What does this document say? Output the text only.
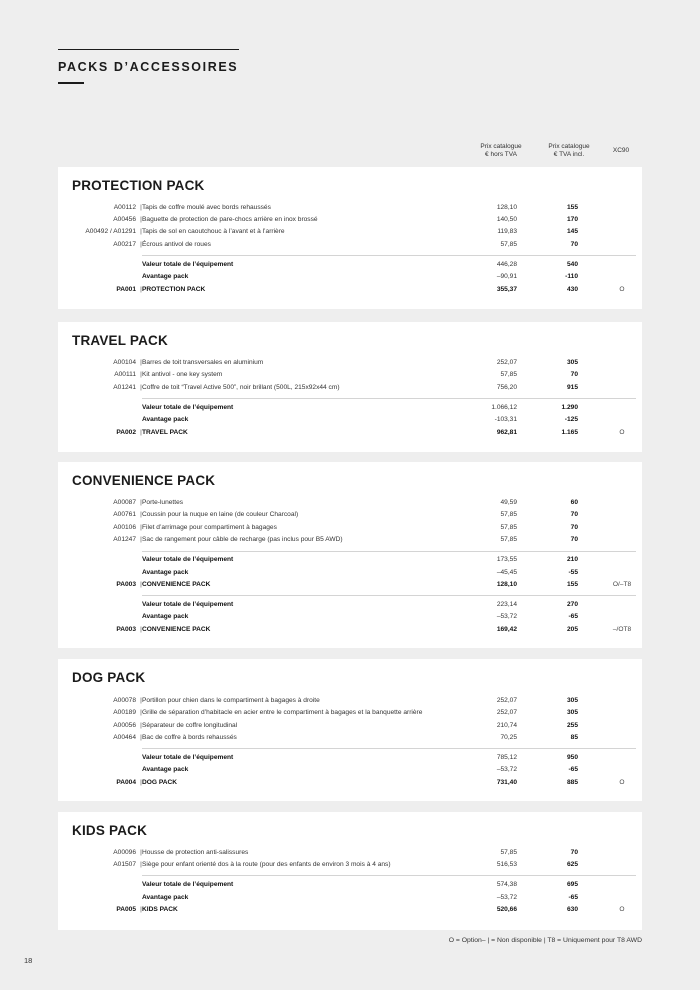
PACKS D’ACCESSOIRES
Prix catalogue
€ hors TVA
Prix catalogue
€ TVA incl.
XC90
PROTECTION PACK
A00112 | Tapis de coffre moulé avec bords rehaussés	128,10	155
A00456 | Baguette de protection de pare-chocs arrière en inox brossé	140,50	170
A00492 / A01291 | Tapis de sol en caoutchouc à l’avant et à l’arrière	119,83	145
A00217 | Écrous antivol de roues	57,85	70
Valeur totale de l’équipement	446,28	540
Avantage pack	–90,91	-110
PA001 | PROTECTION PACK	355,37	430	O
TRAVEL PACK
A00104 | Barres de toit transversales en aluminium	252,07	305
A00111 | Kit antivol - one key system	57,85	70
A01241 | Coffre de toit “Travel Active 500”, noir brillant (500L, 215x92x44 cm)	756,20	915
Valeur totale de l’équipement	1.066,12	1.290
Avantage pack	-103,31	-125
PA002 | TRAVEL PACK	962,81	1.165	O
CONVENIENCE PACK
A00087 | Porte-lunettes	49,59	60
A00761 | Coussin pour la nuque en laine (de couleur Charcoal)	57,85	70
A00106 | Filet d’arrimage pour compartiment à bagages	57,85	70
A01247 | Sac de rangement pour câble de recharge (pas inclus pour B5 AWD)	57,85	70
Valeur totale de l’équipement	173,55	210
Avantage pack	–45,45	-55
PA003 | CONVENIENCE PACK	128,10	155	O/–T8
Valeur totale de l’équipement	223,14	270
Avantage pack	–53,72	-65
PA003 | CONVENIENCE PACK	169,42	205	–/OT8
DOG PACK
A00078 | Portillon pour chien dans le compartiment à bagages à droite	252,07	305
A00189 | Grille de séparation d’habitacle en acier entre le compartiment à bagages et la banquette arrière	252,07	305
A00056 | Séparateur de coffre longitudinal	210,74	255
A00464 | Bac de coffre à bords rehaussés	70,25	85
Valeur totale de l’équipement	785,12	950
Avantage pack	–53,72	-65
PA004 | DOG PACK	731,40	885	O
KIDS PACK
A00096 | Housse de protection anti-salissures	57,85	70
A01507 | Siège pour enfant orienté dos à la route (pour des enfants de environ 3 mois à 4 ans)	516,53	625
Valeur totale de l’équipement	574,38	695
Avantage pack	–53,72	-65
PA005 | KIDS PACK	520,66	630	O
O = Option– | = Non disponible | T8 = Uniquement pour T8 AWD
18
